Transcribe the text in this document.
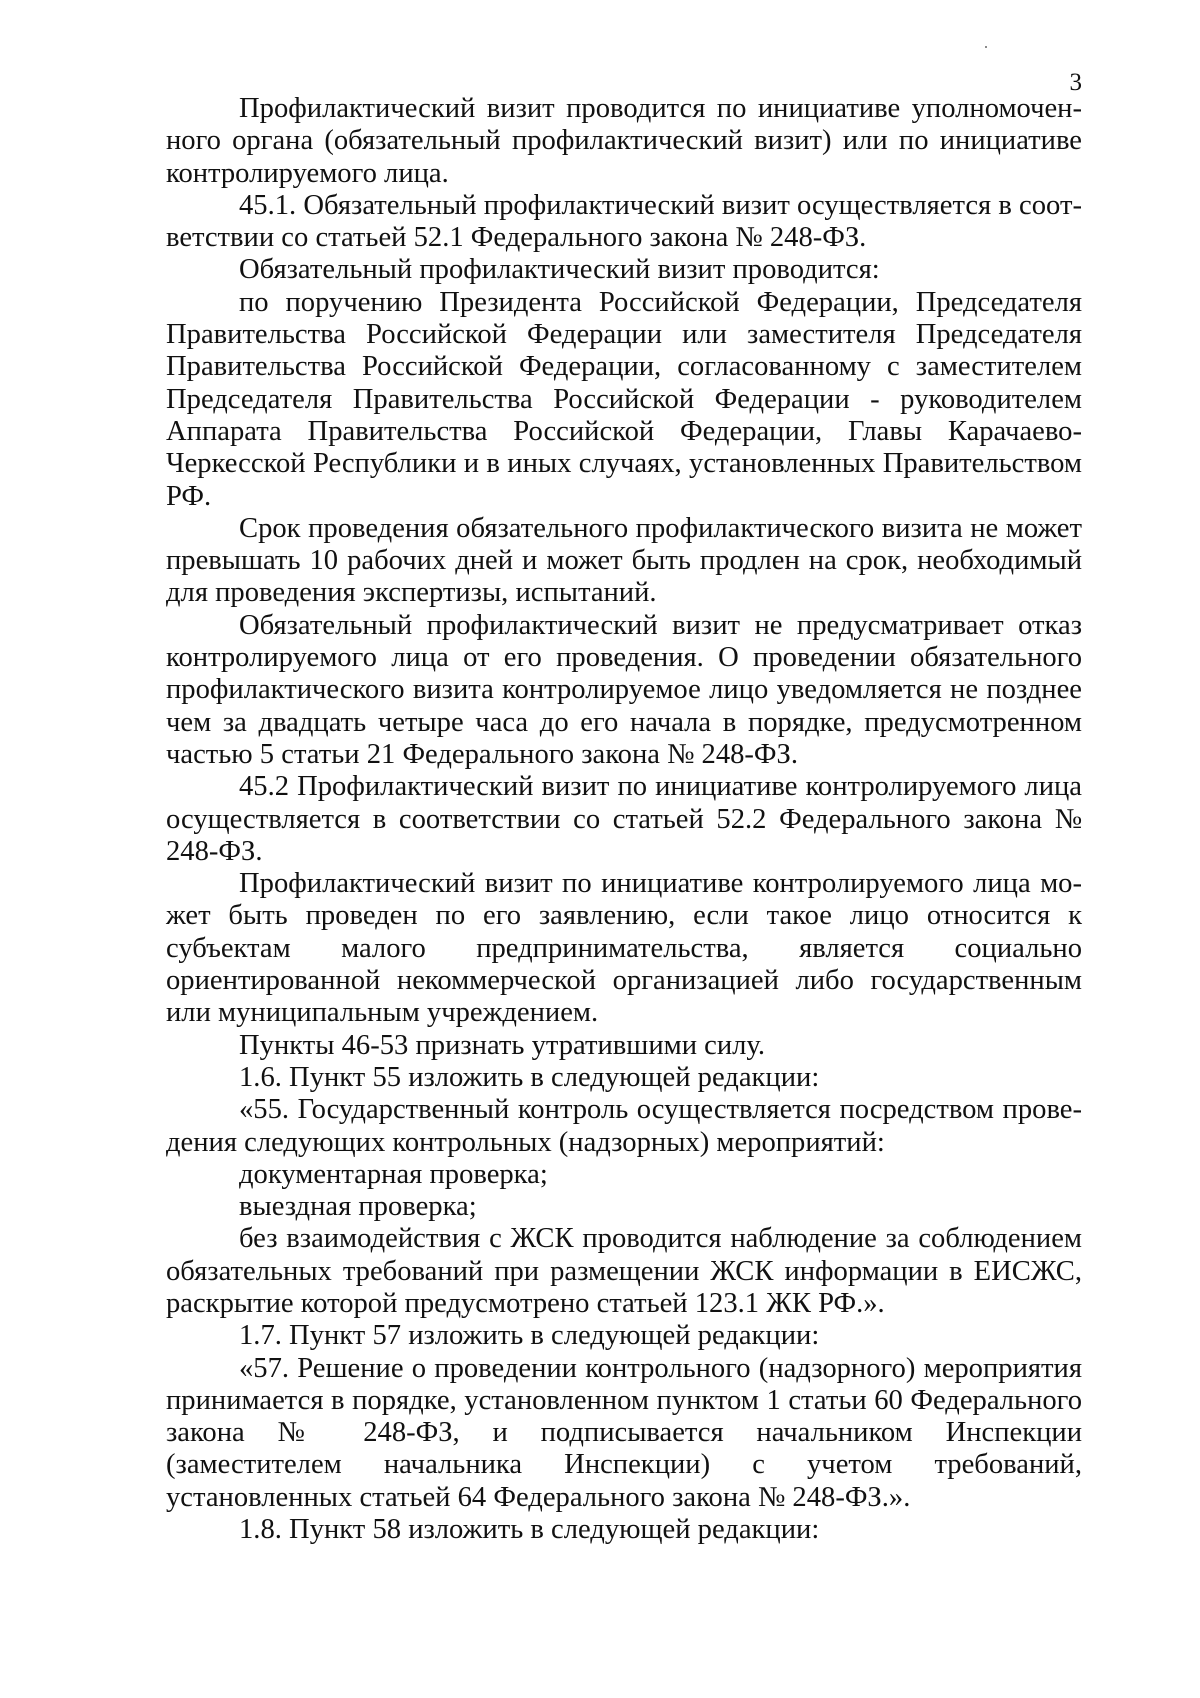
3

Профилактический визит проводится по инициативе уполномоченного органа (обязательный профилактический визит) или по инициативе контролируемого лица.

45.1. Обязательный профилактический визит осуществляется в соответствии со статьей 52.1 Федерального закона № 248-ФЗ.

Обязательный профилактический визит проводится:

по поручению Президента Российской Федерации, Председателя Правительства Российской Федерации или заместителя Председателя Правительства Российской Федерации, согласованному с заместителем Председателя Правительства Российской Федерации - руководителем Аппарата Правительства Российской Федерации, Главы Карачаево-Черкесской Республики и в иных случаях, установленных Правительством РФ.

Срок проведения обязательного профилактического визита не может превышать 10 рабочих дней и может быть продлен на срок, необходимый для проведения экспертизы, испытаний.

Обязательный профилактический визит не предусматривает отказ контролируемого лица от его проведения. О проведении обязательного профилактического визита контролируемое лицо уведомляется не позднее чем за двадцать четыре часа до его начала в порядке, предусмотренном частью 5 статьи 21 Федерального закона № 248-ФЗ.

45.2 Профилактический визит по инициативе контролируемого лица осуществляется в соответствии со статьей 52.2 Федерального закона № 248-ФЗ.

Профилактический визит по инициативе контролируемого лица может быть проведен по его заявлению, если такое лицо относится к субъектам малого предпринимательства, является социально ориентированной некоммерческой организацией либо государственным или муниципальным учреждением.

Пункты 46-53 признать утратившими силу.

1.6. Пункт 55 изложить в следующей редакции:

«55. Государственный контроль осуществляется посредством проведения следующих контрольных (надзорных) мероприятий:

документарная проверка;

выездная проверка;

без взаимодействия с ЖСК проводится наблюдение за соблюдением обязательных требований при размещении ЖСК информации в ЕИСЖС, раскрытие которой предусмотрено статьей 123.1 ЖК РФ.».

1.7. Пункт 57 изложить в следующей редакции:

«57. Решение о проведении контрольного (надзорного) мероприятия принимается в порядке, установленном пунктом 1 статьи 60 Федерального закона № 248-ФЗ, и подписывается начальником Инспекции (заместителем начальника Инспекции) с учетом требований, установленных статьей 64 Федерального закона № 248-ФЗ.».

1.8. Пункт 58 изложить в следующей редакции:
